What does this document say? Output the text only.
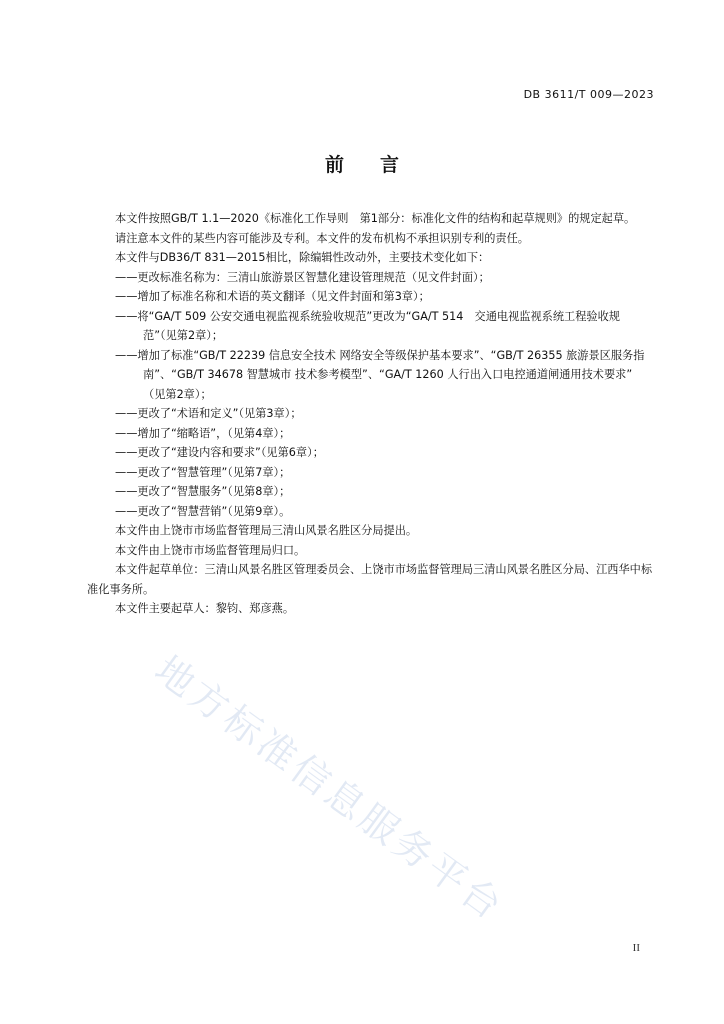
DB 3611/T 009—2023
前言

本文件按照GB/T 1.1—2020《标准化工作导则　第1部分：标准化文件的结构和起草规则》的规定起草。

请注意本文件的某些内容可能涉及专利。本文件的发布机构不承担识别专利的责任。

本文件与DB36/T 831—2015相比，除编辑性改动外，主要技术变化如下：

——更改标准名称为：三清山旅游景区智慧化建设管理规范（见文件封面）；

——增加了标准名称和术语的英文翻译（见文件封面和第3章）；

——将“GA/T 509 公安交通电视监视系统验收规范”更改为“GA/T 514　交通电视监视系统工程验收规范”（见第2章）；

——增加了标准“GB/T 22239 信息安全技术 网络安全等级保护基本要求”、“GB/T 26355 旅游景区服务指南”、“GB/T 34678 智慧城市 技术参考模型”、“GA/T 1260 人行出入口电控通道闸通用技术要求” （见第2章）；

——更改了“术语和定义”（见第3章）；

——增加了“缩略语”，（见第4章）；

——更改了“建设内容和要求”（见第6章）；

——更改了“智慧管理”（见第7章）；

——更改了“智慧服务”（见第8章）；

——更改了“智慧营销”（见第9章）。

本文件由上饶市市场监督管理局三清山风景名胜区分局提出。

本文件由上饶市市场监督管理局归口。

本文件起草单位：三清山风景名胜区管理委员会、上饶市市场监督管理局三清山风景名胜区分局、江西华中标准化事务所。

本文件主要起草人：黎钧、郑彦燕。

地方标准信息服务平台
II
